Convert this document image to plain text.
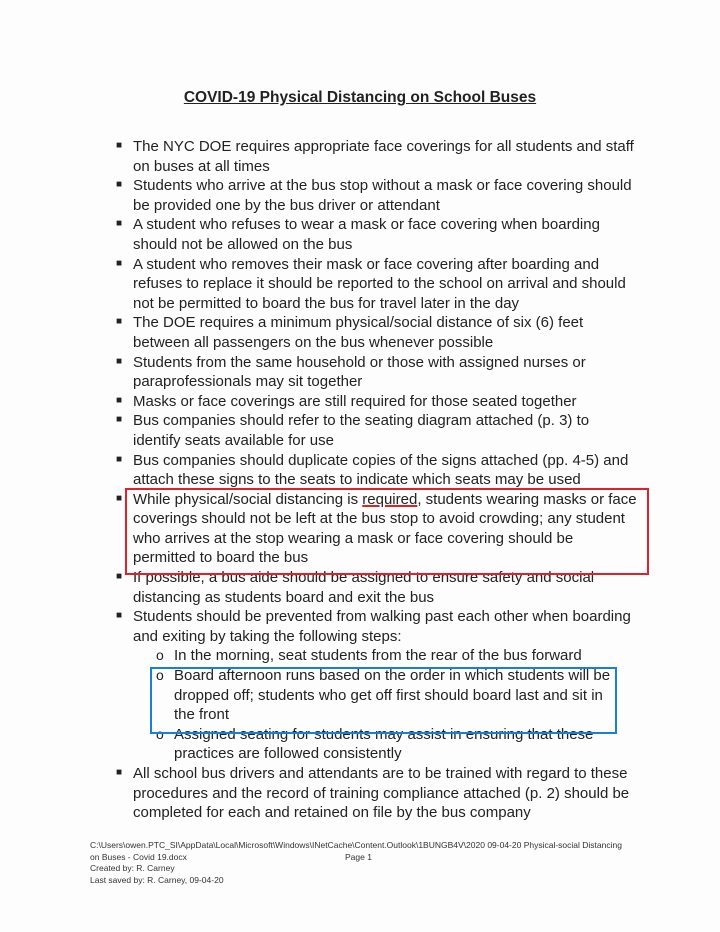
COVID-19 Physical Distancing on School Buses
■ The NYC DOE requires appropriate face coverings for all students and staff
on buses at all times
■ Students who arrive at the bus stop without a mask or face covering should
be provided one by the bus driver or attendant
■ A student who refuses to wear a mask or face covering when boarding
should not be allowed on the bus
■ A student who removes their mask or face covering after boarding and
refuses to replace it should be reported to the school on arrival and should
not be permitted to board the bus for travel later in the day
■ The DOE requires a minimum physical/social distance of six (6) feet
between all passengers on the bus whenever possible
■ Students from the same household or those with assigned nurses or
paraprofessionals may sit together
■ Masks or face coverings are still required for those seated together
■ Bus companies should refer to the seating diagram attached (p. 3) to
identify seats available for use
■ Bus companies should duplicate copies of the signs attached (pp. 4-5) and
attach these signs to the seats to indicate which seats may be used
■ While physical/social distancing is required, students wearing masks or face
coverings should not be left at the bus stop to avoid crowding; any student
who arrives at the stop wearing a mask or face covering should be
permitted to board the bus
■ If possible, a bus aide should be assigned to ensure safety and social
distancing as students board and exit the bus
■ Students should be prevented from walking past each other when boarding
and exiting by taking the following steps:
o In the morning, seat students from the rear of the bus forward
o Board afternoon runs based on the order in which students will be
dropped off; students who get off first should board last and sit in
the front
o Assigned seating for students may assist in ensuring that these
practices are followed consistently
■ All school bus drivers and attendants are to be trained with regard to these
procedures and the record of training compliance attached (p. 2) should be
completed for each and retained on file by the bus company
C:\Users\owen.PTC_SI\AppData\Local\Microsoft\Windows\INetCache\Content.Outlook\1BUNGB4V\2020 09-04-20 Physical-social Distancing
on Buses - Covid 19.docx
Created by: R. Carney
Last saved by: R. Carney, 09-04-20
Page 1
